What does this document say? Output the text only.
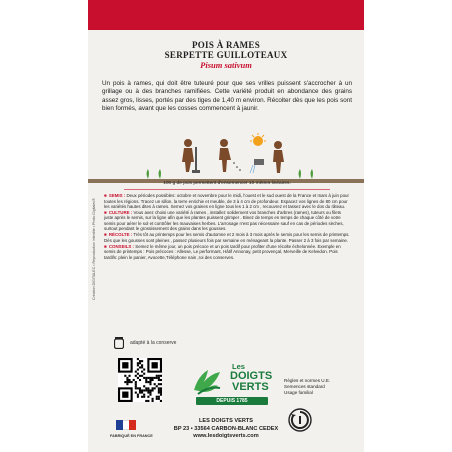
Création DIGITALEC • Reproduction interdite • Photo Digitalec®
POIS À RAMES
SERPETTE GUILLOTEAUX
Pisum sativum
Un pois à rames, qui doit être tuteuré pour que ses vrilles puissent s'accrocher à un grillage ou à des branches ramifiées. Cette variété produit en abondance des grains assez gros, lisses, portés par des tiges de 1,40 m environ. Récolter dès que les pois sont bien formés, avant que les cosses commencent à jaunir.
100 g de pois permettent d'ensemencer 10 mètres linéaires.
■ SEMIS : Deux périodes possibles: octobre et novembre pour le midi, l'ouest et le sud ouest de la France et mars à juin pour toutes les régions. Tracez un sillon, la terre enrichie et meuble, de 3 à 4 cm de profondeur. Espacez vos lignes de 80 cm pour les variétés hautes dites à rames. Semez vos graines en ligne tous les 1 à 2 cm , recouvrez et tassez avec le dos du râteau.
■ CULTURE : Vous avez choisi une variété à rames , installez solidement vos branches d'arbres (rames), tuteurs ou filets juste après le semis, sur la ligne afin que les plantes puissent grimper . Binez de temps en temps de chaque côté de votre semis pour aérer le sol et contrôler les mauvaises herbes. L'arrosage n'est pas nécessaire sauf en cas de périodes sèches, surtout pendant le grossissement des grains dans les gousses.
■ RÉCOLTE : Très tôt au printemps pour les semis d'automne et 2 mois à 3 mois après le semis pour les semis de printemps. Dès que les gousses sont pleines , passez plusieurs fois par semaine en ménageant la plante. Passer 2 à 3 fois par semaine.
■ CONSEILS : Semez le même jour, un pois précoce et un pois tardif pour profiter d'une récolte échelonnée. Exemple en semis de printemps : Pois précoces : Allesse, Le performant, Hâtif Annonay, petit provençal, Merveille de Kelvedon. Pois tardifs: plein le panier, Avocette,Téléphone nain ,roi des conserves.
adapté à la conserve
Les
DOIGTS
VERTS
DEPUIS 1785
Règles et normes U.E.
Semences standard
Usage familial
FABRIQUÉ EN FRANCE
LES DOIGTS VERTS
BP 23 • 33564 CARBON-BLANC CEDEX
www.lesdoigtsverts.com
